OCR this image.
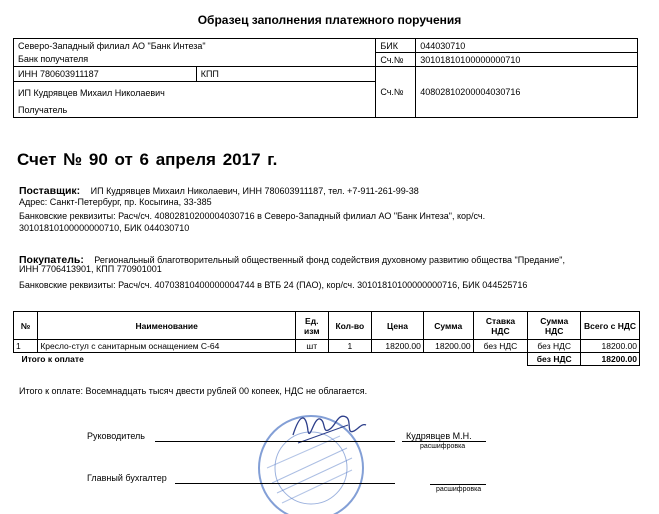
Образец заполнения платежного поручения
Северо-Западный филиал АО "Банк Интеза"		БИК	044030710
Банк получателя		Сч.№	30101810100000000710
ИНН 780603911187	КПП	Сч.№	40802810200004030716
ИП Кудрявцев Михаил Николаевич			
Получатель			
Счет № 90 от 6 апреля 2017 г.
Поставщик: ИП Кудрявцев Михаил Николаевич, ИНН 780603911187, тел. +7-911-261-99-38
Адрес: Санкт-Петербург, пр. Косыгина, 33-385
Банковские реквизиты: Расч/сч. 40802810200004030716 в Северо-Западный филиал АО "Банк Интеза", кор/сч.
30101810100000000710, БИК 044030710
Покупатель: Региональный благотворительный общественный фонд содействия духовному развитию общества "Предание",
ИНН 7706413901, КПП 770901001
Банковские реквизиты: Расч/сч. 40703810400000004744 в ВТБ 24 (ПАО), кор/сч. 30101810100000000716, БИК 044525716
№	Наименование	Ед. изм	Кол-во	Цена	Сумма	Ставка НДС	Сумма НДС	Всего с НДС
1	Кресло-стул с санитарным оснащением С-64	шт	1	18200.00	18200.00	без НДС	без НДС	18200.00
Итого к оплате							без НДС	18200.00
Итого к оплате: Восемнадцать тысяч двести рублей 00 копеек, НДС не облагается.
Руководитель	Кудрявцев М.Н.
расшифровка
Главный бухгалтер
расшифровка
